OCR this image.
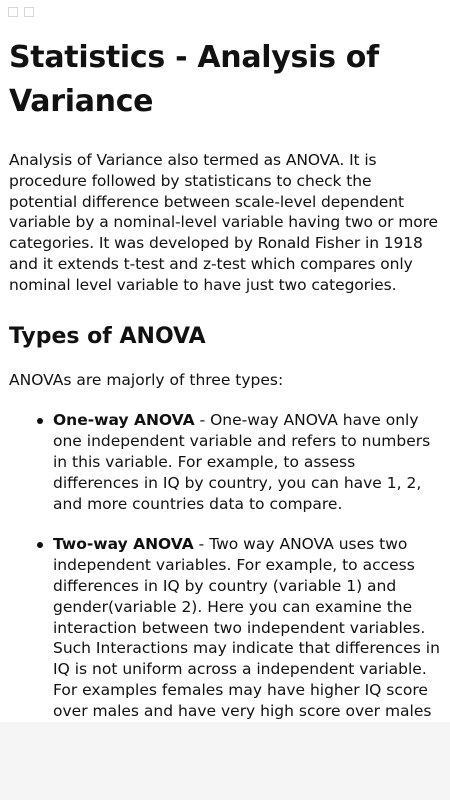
Statistics - Analysis of Variance

Analysis of Variance also termed as ANOVA. It is procedure followed by statisticans to check the potential difference between scale-level dependent variable by a nominal-level variable having two or more categories. It was developed by Ronald Fisher in 1918 and it extends t-test and z-test which compares only nominal level variable to have just two categories.

Types of ANOVA

ANOVAs are majorly of three types:

One-way ANOVA - One-way ANOVA have only one independent variable and refers to numbers in this variable. For example, to assess differences in IQ by country, you can have 1, 2, and more countries data to compare.
Two-way ANOVA - Two way ANOVA uses two independent variables. For example, to access differences in IQ by country (variable 1) and gender(variable 2). Here you can examine the interaction between two independent variables. Such Interactions may indicate that differences in IQ is not uniform across a independent variable. For examples females may have higher IQ score over males and have very high score over males
